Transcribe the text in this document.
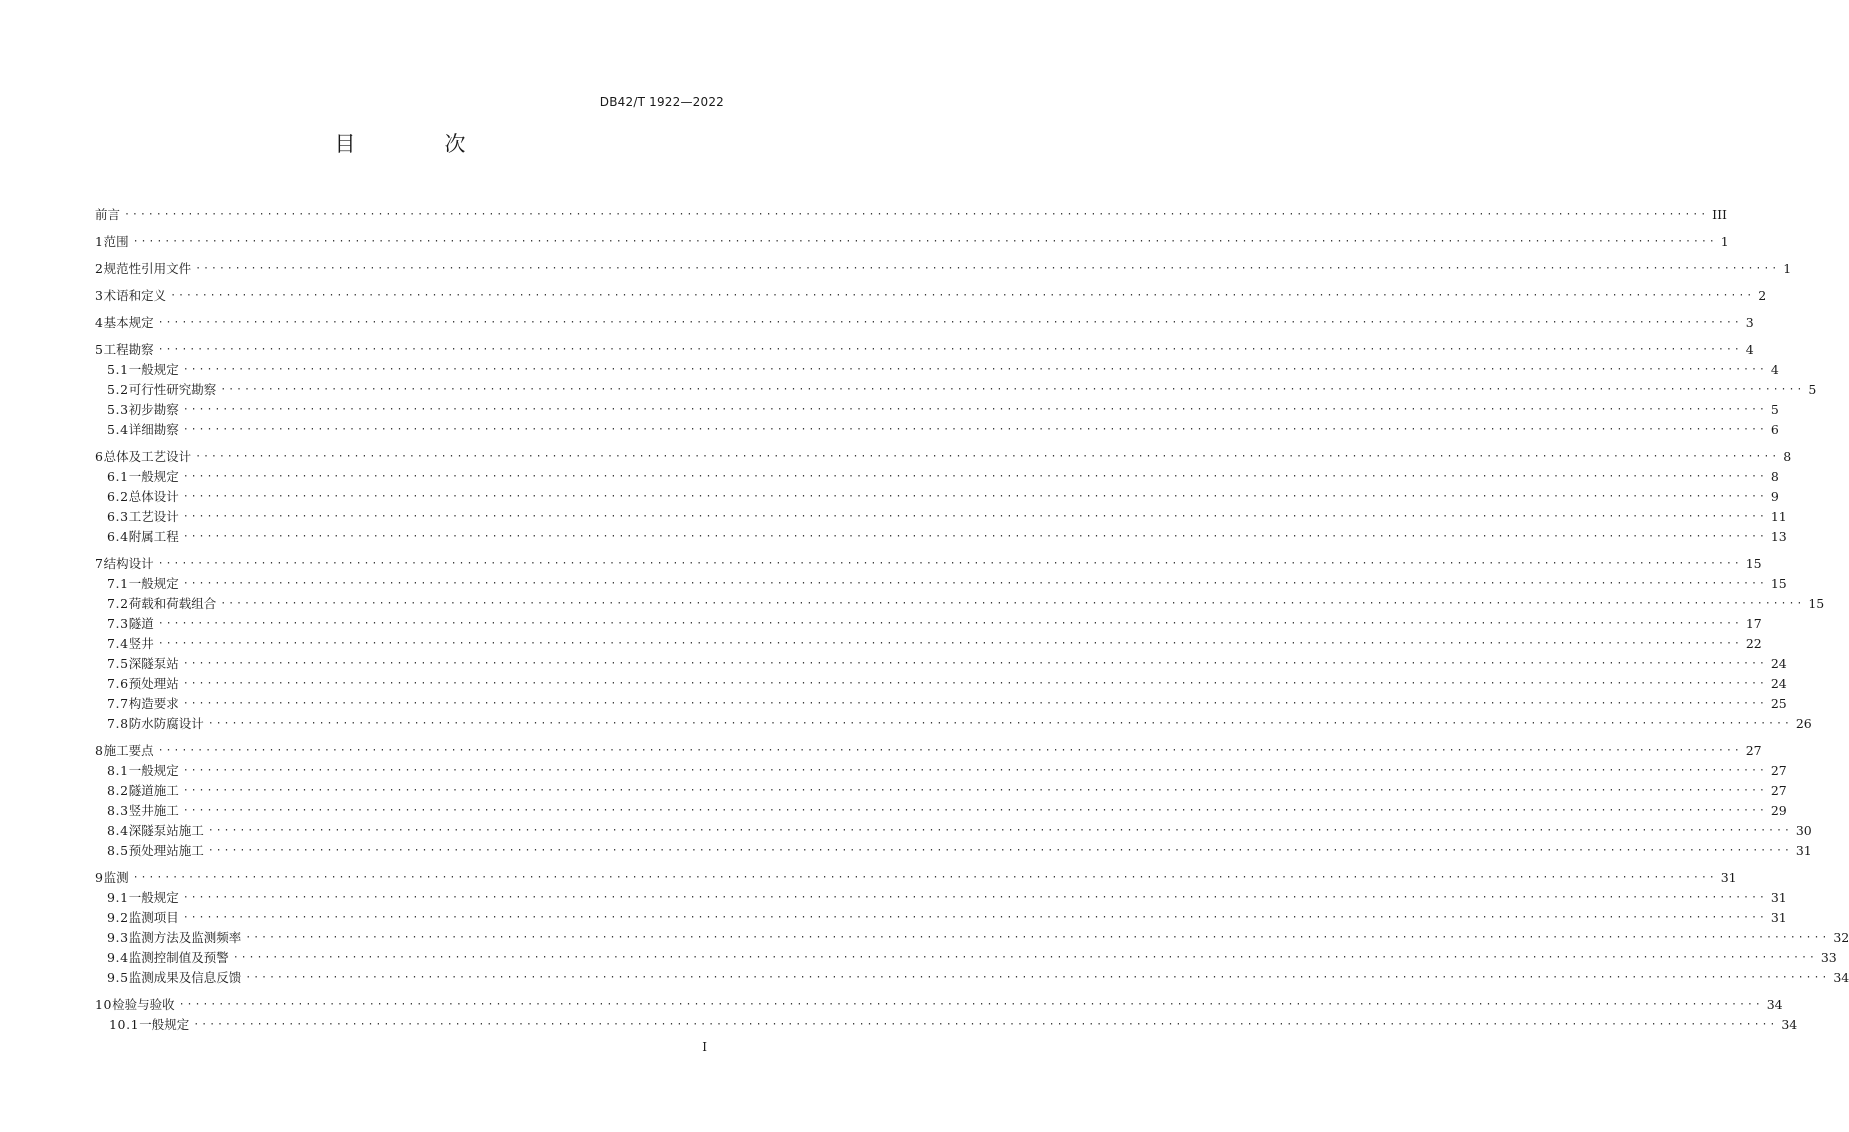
DB42/T 1922—2022
目　次
前言 ········································································································································································································ III
1 范围 ········································································································································································································ 1
2 规范性引用文件 ········································································································································································································ 1
3 术语和定义 ········································································································································································································ 2
4 基本规定 ········································································································································································································ 3
5 工程勘察 ········································································································································································································ 4
5.1 一般规定 ········································································································································································································ 4
5.2 可行性研究勘察 ········································································································································································································ 5
5.3 初步勘察 ········································································································································································································ 5
5.4 详细勘察 ········································································································································································································ 6
6 总体及工艺设计 ········································································································································································································ 8
6.1 一般规定 ········································································································································································································ 8
6.2 总体设计 ········································································································································································································ 9
6.3 工艺设计 ········································································································································································································ 11
6.4 附属工程 ········································································································································································································ 13
7 结构设计 ········································································································································································································ 15
7.1 一般规定 ········································································································································································································ 15
7.2 荷载和荷载组合 ········································································································································································································ 15
7.3 隧道 ········································································································································································································ 17
7.4 竖井 ········································································································································································································ 22
7.5 深隧泵站 ········································································································································································································ 24
7.6 预处理站 ········································································································································································································ 24
7.7 构造要求 ········································································································································································································ 25
7.8 防水防腐设计 ········································································································································································································ 26
8 施工要点 ········································································································································································································ 27
8.1 一般规定 ········································································································································································································ 27
8.2 隧道施工 ········································································································································································································ 27
8.3 竖井施工 ········································································································································································································ 29
8.4 深隧泵站施工 ········································································································································································································ 30
8.5 预处理站施工 ········································································································································································································ 31
9 监测 ········································································································································································································ 31
9.1 一般规定 ········································································································································································································ 31
9.2 监测项目 ········································································································································································································ 31
9.3 监测方法及监测频率 ········································································································································································································ 32
9.4 监测控制值及预警 ········································································································································································································ 33
9.5 监测成果及信息反馈 ········································································································································································································ 34
10 检验与验收 ········································································································································································································ 34
10.1 一般规定 ········································································································································································································ 34
I
